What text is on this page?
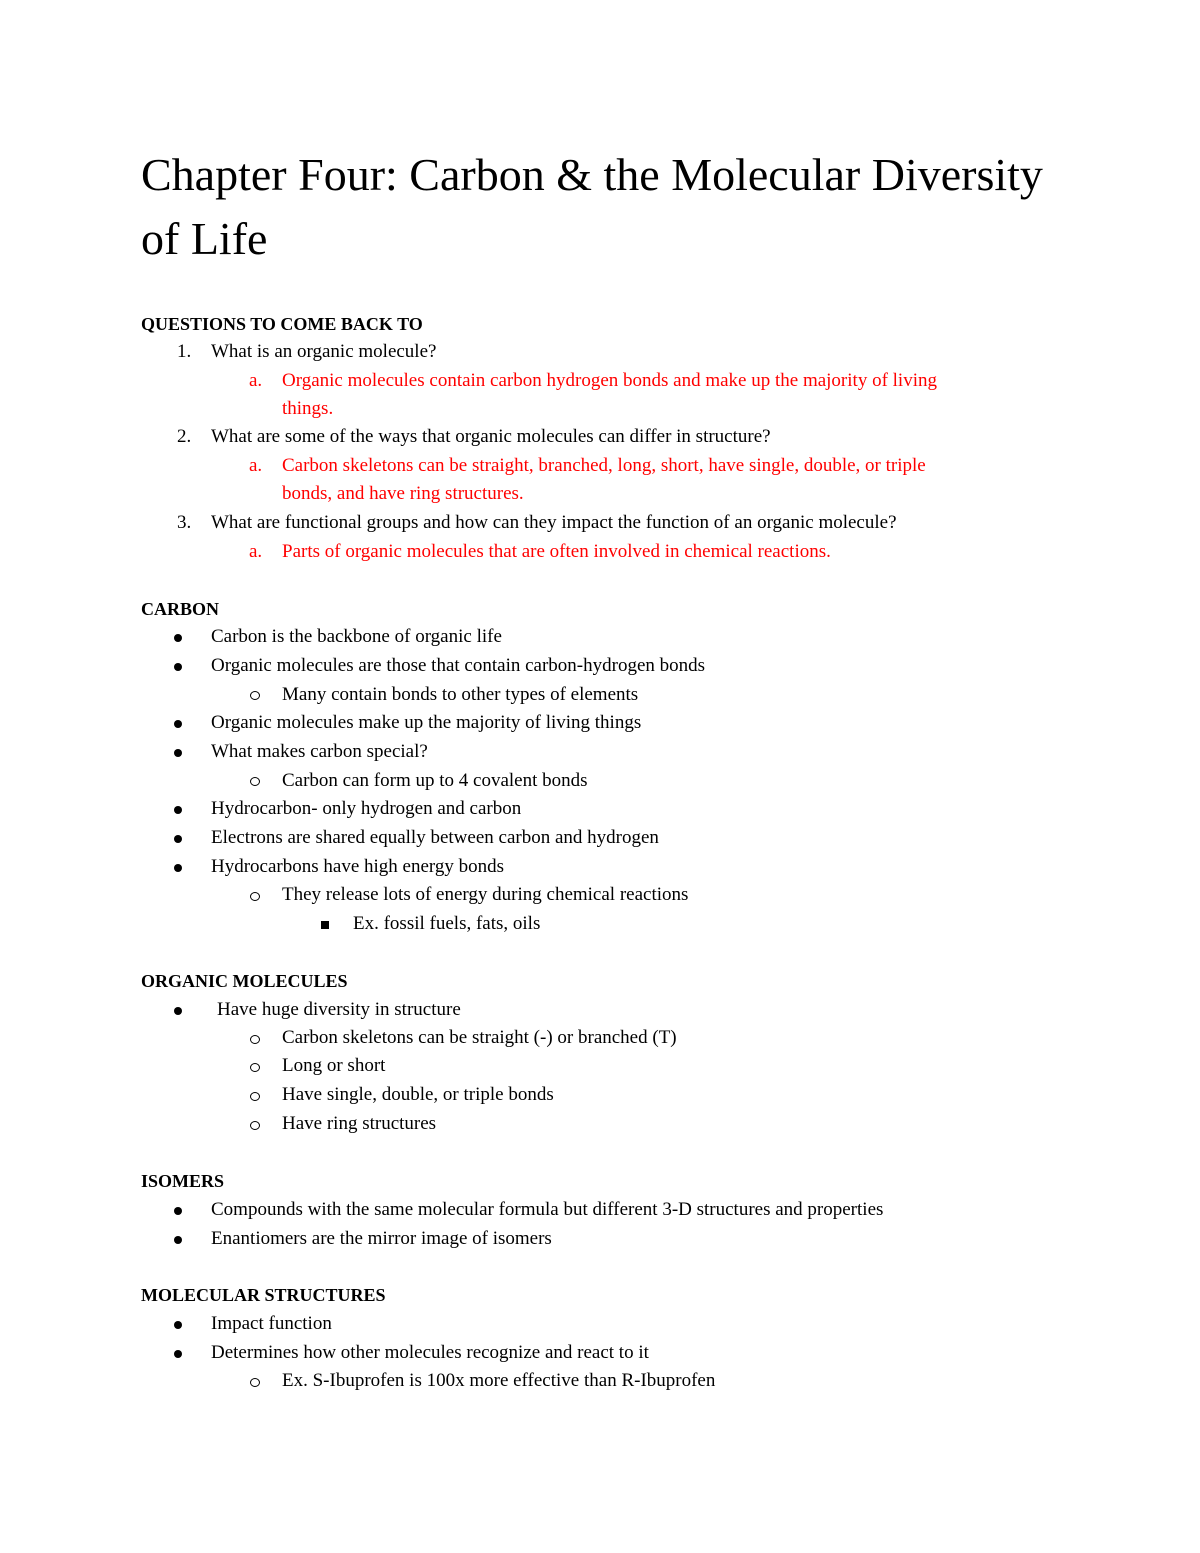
Chapter Four: Carbon & the Molecular Diversity of Life
QUESTIONS TO COME BACK TO
1. What is an organic molecule?
a. Organic molecules contain carbon hydrogen bonds and make up the majority of living
things.
2. What are some of the ways that organic molecules can differ in structure?
a. Carbon skeletons can be straight, branched, long, short, have single, double, or triple
bonds, and have ring structures.
3. What are functional groups and how can they impact the function of an organic molecule?
a. Parts of organic molecules that are often involved in chemical reactions.
CARBON
Carbon is the backbone of organic life
Organic molecules are those that contain carbon-hydrogen bonds
Many contain bonds to other types of elements
Organic molecules make up the majority of living things
What makes carbon special?
Carbon can form up to 4 covalent bonds
Hydrocarbon- only hydrogen and carbon
Electrons are shared equally between carbon and hydrogen
Hydrocarbons have high energy bonds
They release lots of energy during chemical reactions
Ex. fossil fuels, fats, oils
ORGANIC MOLECULES
Have huge diversity in structure
Carbon skeletons can be straight (-) or branched (T)
Long or short
Have single, double, or triple bonds
Have ring structures
ISOMERS
Compounds with the same molecular formula but different 3-D structures and properties
Enantiomers are the mirror image of isomers
MOLECULAR STRUCTURES
Impact function
Determines how other molecules recognize and react to it
Ex. S-Ibuprofen is 100x more effective than R-Ibuprofen
